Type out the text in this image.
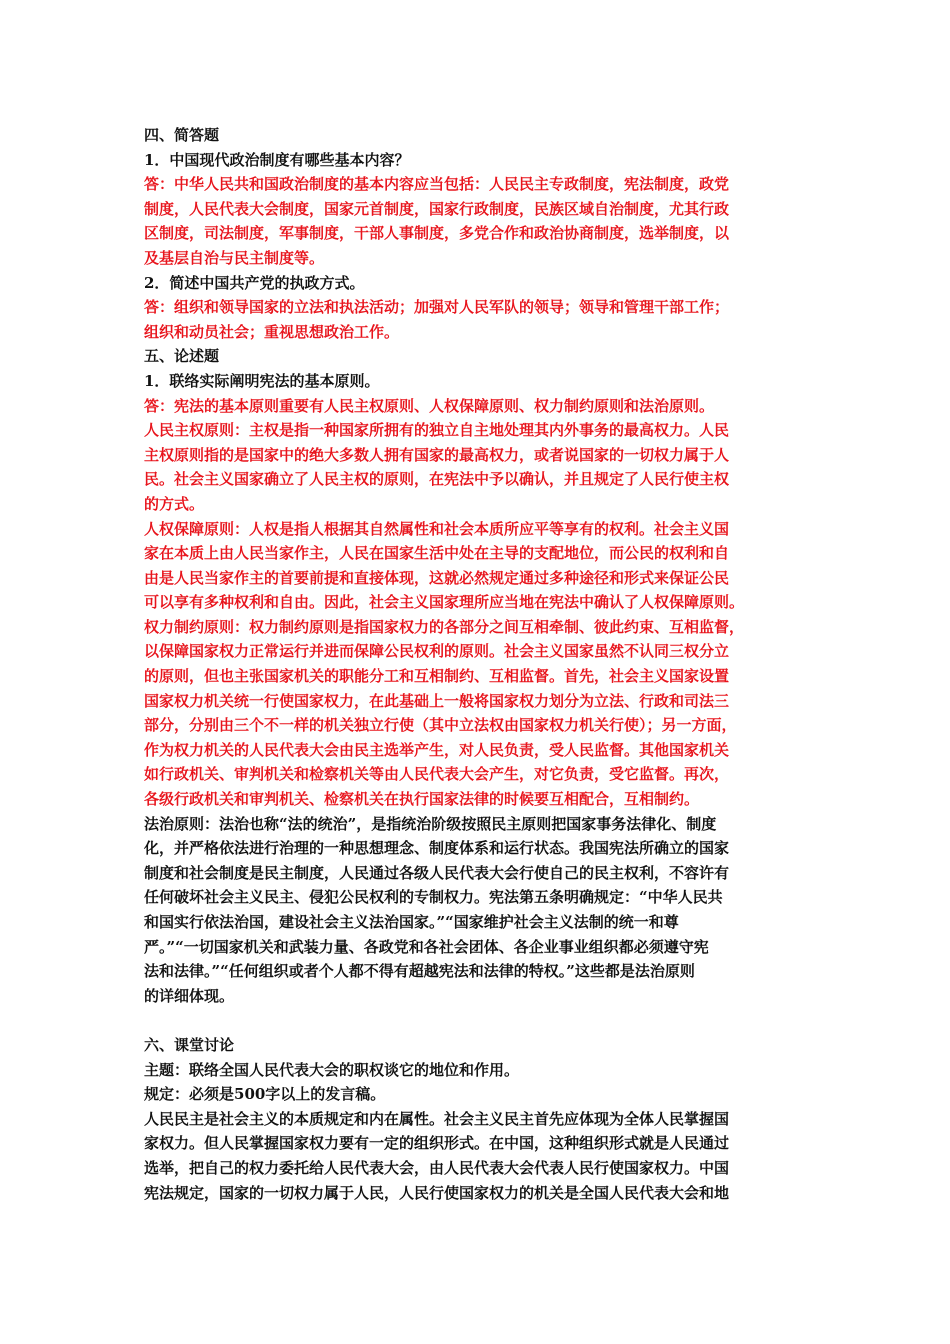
四、简答题
1．中国现代政治制度有哪些基本内容？
答：中华人民共和国政治制度的基本内容应当包括：人民民主专政制度，宪法制度，政党
制度，人民代表大会制度，国家元首制度，国家行政制度，民族区域自治制度，尤其行政
区制度，司法制度，军事制度，干部人事制度，多党合作和政治协商制度，选举制度，以
及基层自治与民主制度等。
2．简述中国共产党的执政方式。
答：组织和领导国家的立法和执法活动；加强对人民军队的领导；领导和管理干部工作；
组织和动员社会；重视思想政治工作。
五、论述题
1．联络实际阐明宪法的基本原则。
答：宪法的基本原则重要有人民主权原则、人权保障原则、权力制约原则和法治原则。
人民主权原则：主权是指一种国家所拥有的独立自主地处理其内外事务的最高权力。人民
主权原则指的是国家中的绝大多数人拥有国家的最高权力，或者说国家的一切权力属于人
民。社会主义国家确立了人民主权的原则，在宪法中予以确认，并且规定了人民行使主权
的方式。
人权保障原则：人权是指人根据其自然属性和社会本质所应平等享有的权利。社会主义国
家在本质上由人民当家作主，人民在国家生活中处在主导的支配地位，而公民的权利和自
由是人民当家作主的首要前提和直接体现，这就必然规定通过多种途径和形式来保证公民
可以享有多种权利和自由。因此，社会主义国家理所应当地在宪法中确认了人权保障原则。
权力制约原则：权力制约原则是指国家权力的各部分之间互相牵制、彼此约束、互相监督，
以保障国家权力正常运行并进而保障公民权利的原则。社会主义国家虽然不认同三权分立
的原则，但也主张国家机关的职能分工和互相制约、互相监督。首先，社会主义国家设置
国家权力机关统一行使国家权力，在此基础上一般将国家权力划分为立法、行政和司法三
部分，分别由三个不一样的机关独立行使（其中立法权由国家权力机关行使）；另一方面，
作为权力机关的人民代表大会由民主选举产生，对人民负责，受人民监督。其他国家机关
如行政机关、审判机关和检察机关等由人民代表大会产生，对它负责，受它监督。再次，
各级行政机关和审判机关、检察机关在执行国家法律的时候要互相配合，互相制约。
法治原则：法治也称“法的统治”，是指统治阶级按照民主原则把国家事务法律化、制度
化，并严格依法进行治理的一种思想理念、制度体系和运行状态。我国宪法所确立的国家
制度和社会制度是民主制度，人民通过各级人民代表大会行使自己的民主权利，不容许有
任何破坏社会主义民主、侵犯公民权利的专制权力。宪法第五条明确规定：“中华人民共
和国实行依法治国，建设社会主义法治国家。”“国家维护社会主义法制的统一和尊
严。”“一切国家机关和武装力量、各政党和各社会团体、各企业事业组织都必须遵守宪
法和法律。”“任何组织或者个人都不得有超越宪法和法律的特权。”这些都是法治原则
的详细体现。
六、课堂讨论
主题：联络全国人民代表大会的职权谈它的地位和作用。
规定：必须是500字以上的发言稿。
人民民主是社会主义的本质规定和内在属性。社会主义民主首先应体现为全体人民掌握国
家权力。但人民掌握国家权力要有一定的组织形式。在中国，这种组织形式就是人民通过
选举，把自己的权力委托给人民代表大会，由人民代表大会代表人民行使国家权力。中国
宪法规定，国家的一切权力属于人民，人民行使国家权力的机关是全国人民代表大会和地
